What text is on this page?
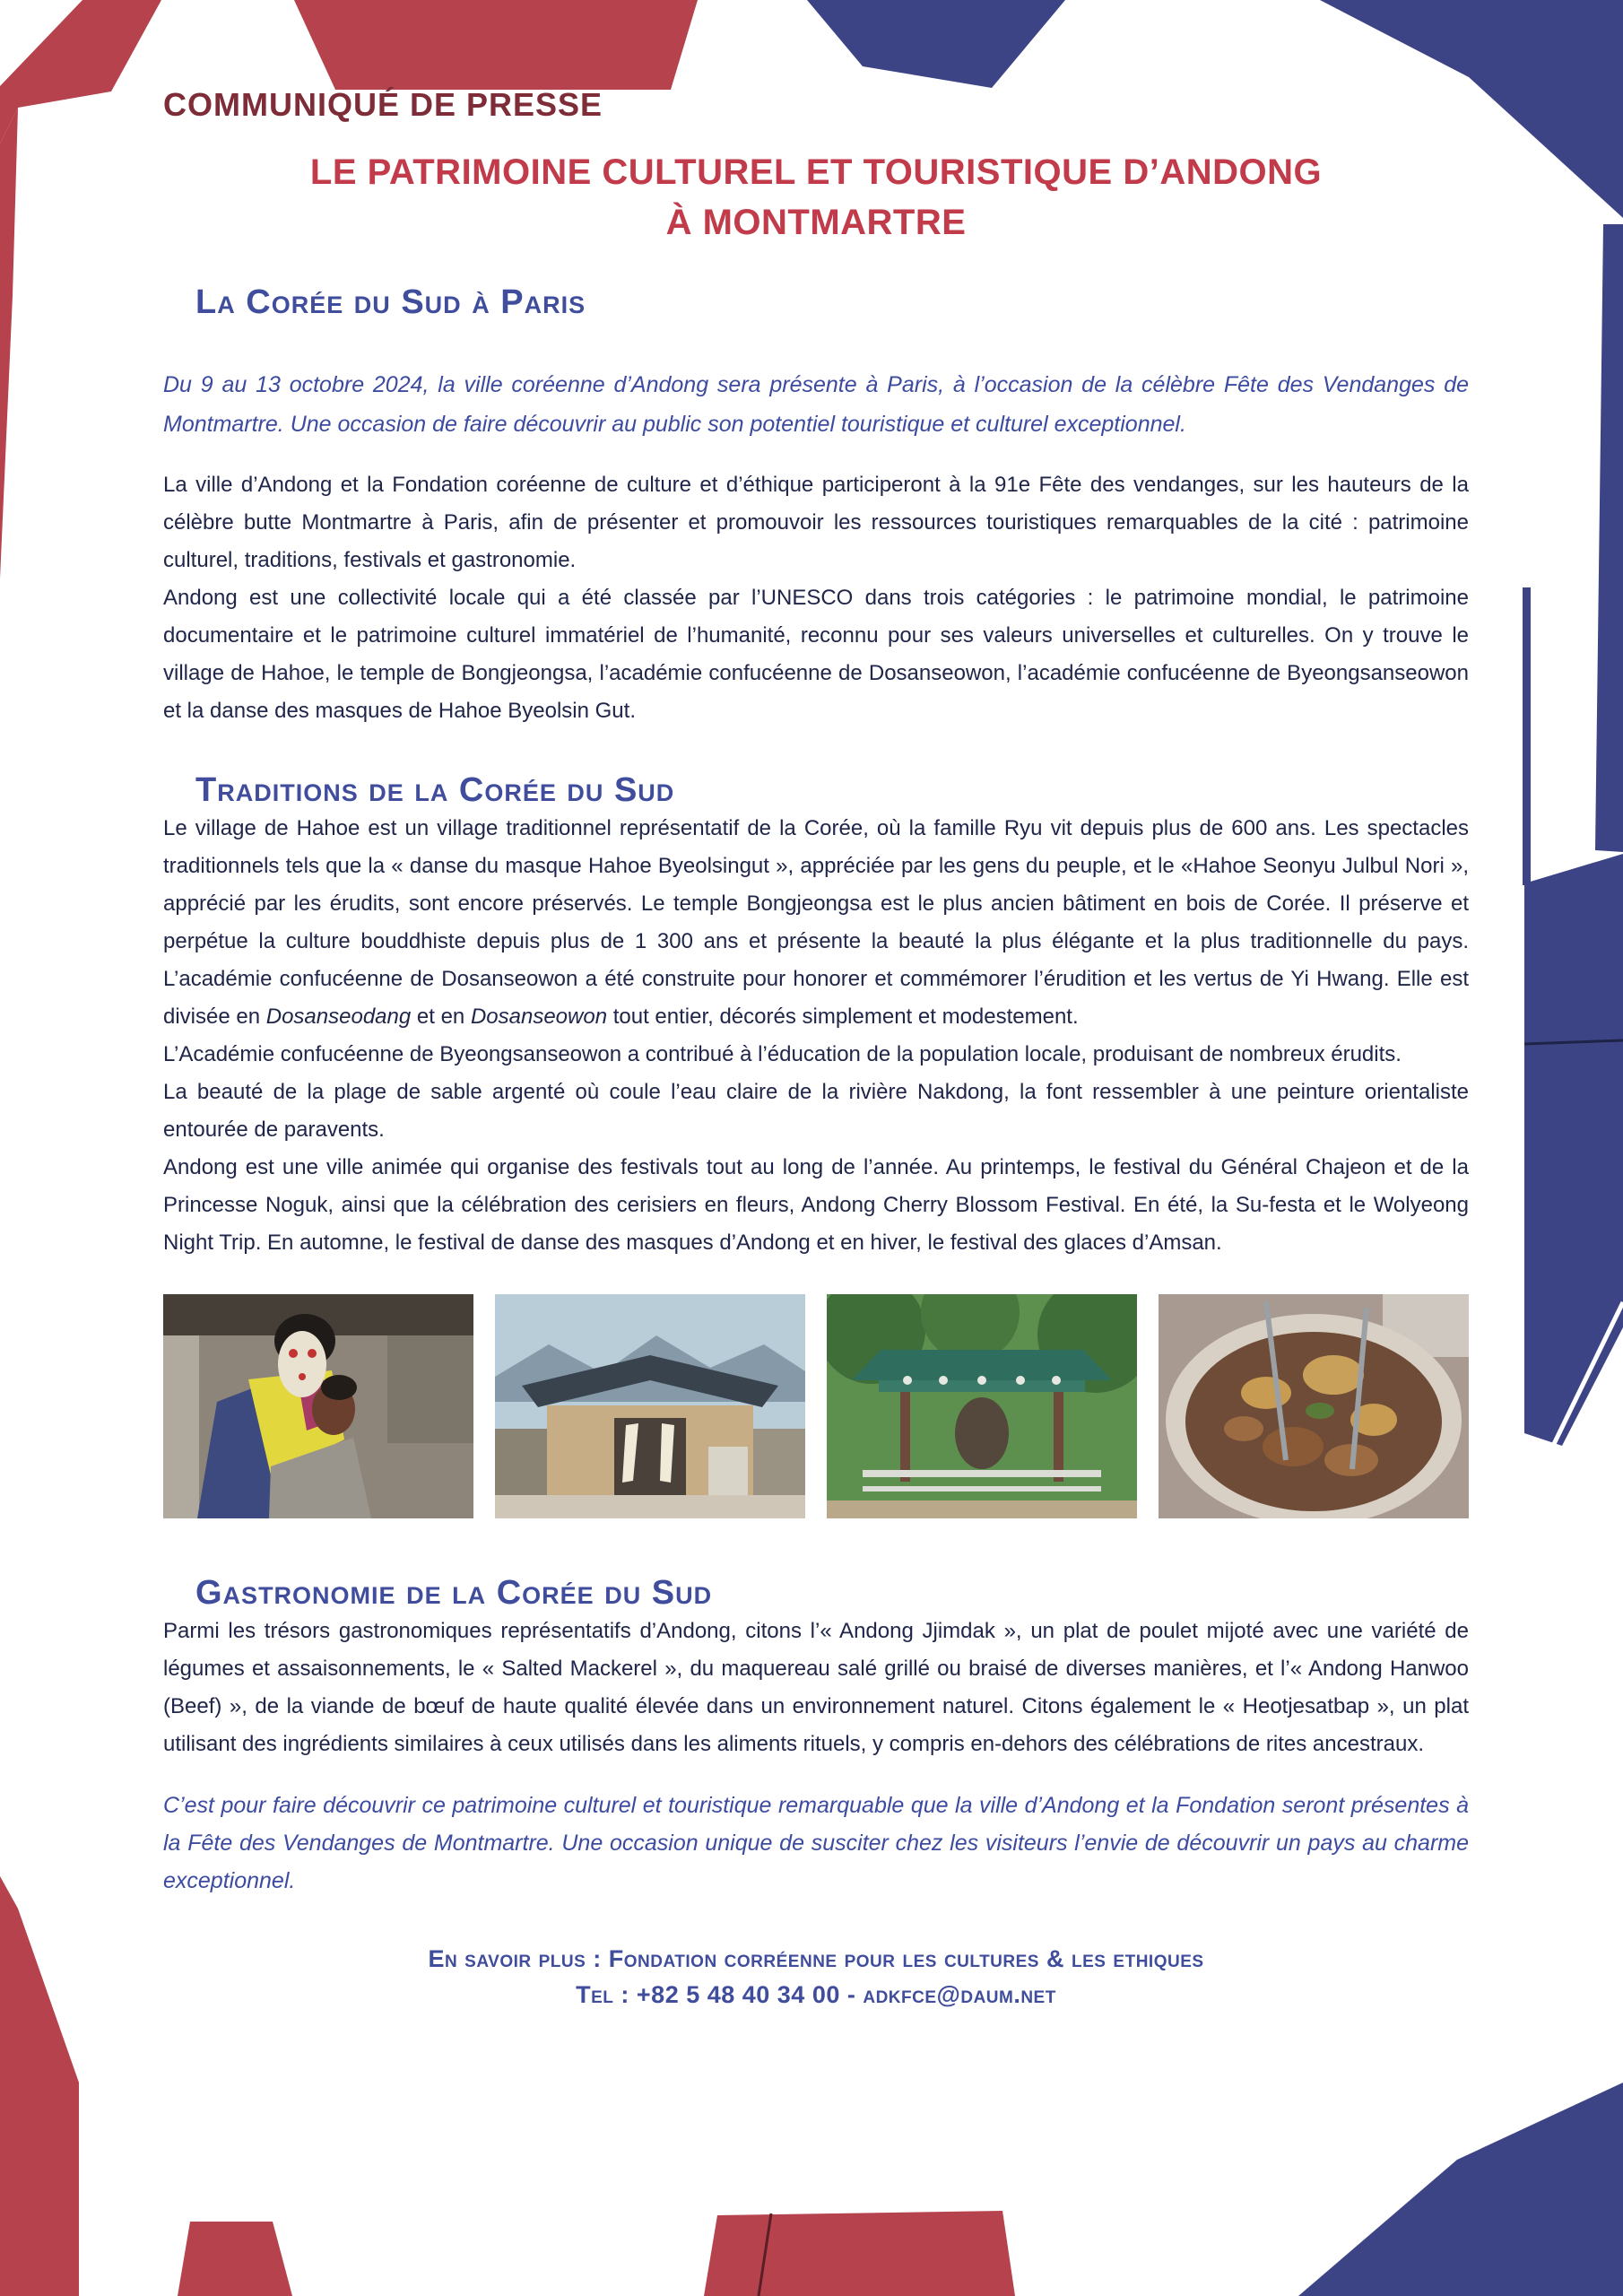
COMMUNIQUÉ DE PRESSE
LE PATRIMOINE CULTUREL ET TOURISTIQUE D’ANDONG
À MONTMARTRE
La Corée du Sud à Paris

Du 9 au 13 octobre 2024, la ville coréenne d’Andong sera présente à Paris, à l’occasion de la célèbre Fête des Vendanges de Montmartre. Une occasion de faire découvrir au public son potentiel touristique et culturel exceptionnel.

La ville d’Andong et la Fondation coréenne de culture et d’éthique participeront à la 91e Fête des vendanges, sur les hauteurs de la célèbre butte Montmartre à Paris, afin de présenter et promouvoir les ressources touristiques remarquables de la cité : patrimoine culturel, traditions, festivals et gastronomie.

Andong est une collectivité locale qui a été classée par l’UNESCO dans trois catégories : le patrimoine mondial, le patrimoine documentaire et le patrimoine culturel immatériel de l’humanité, reconnu pour ses valeurs universelles et culturelles. On y trouve le village de Hahoe, le temple de Bongjeongsa, l’académie confucéenne de Dosanseowon, l’académie confucéenne de Byeongsanseowon et la danse des masques de Hahoe Byeolsin Gut.

Traditions de la Corée du Sud

Le village de Hahoe est un village traditionnel représentatif de la Corée, où la famille Ryu vit depuis plus de 600 ans. Les spectacles traditionnels tels que la « danse du masque Hahoe Byeolsingut », appréciée par les gens du peuple, et le «Hahoe Seonyu Julbul Nori », apprécié par les érudits, sont encore préservés. Le temple Bongjeongsa est le plus ancien bâtiment en bois de Corée. Il préserve et perpétue la culture bouddhiste depuis plus de 1 300 ans et présente la beauté la plus élégante et la plus traditionnelle du pays. L’académie confucéenne de Dosanseowon a été construite pour honorer et commémorer l’érudition et les vertus de Yi Hwang. Elle est divisée en Dosanseodang et en Dosanseowon tout entier, décorés simplement et modestement.

L’Académie confucéenne de Byeongsanseowon a contribué à l’éducation de la population locale, produisant de nombreux érudits.

La beauté de la plage de sable argenté où coule l’eau claire de la rivière Nakdong, la font ressembler à une peinture orientaliste entourée de paravents.

Andong est une ville animée qui organise des festivals tout au long de l’année. Au printemps, le festival du Général Chajeon et de la Princesse Noguk, ainsi que la célébration des cerisiers en fleurs, Andong Cherry Blossom Festival. En été, la Su-festa et le Wolyeong Night Trip. En automne, le festival de danse des masques d’Andong et en hiver, le festival des glaces d’Amsan.

Gastronomie de la Corée du Sud

Parmi les trésors gastronomiques représentatifs d’Andong, citons l’« Andong Jjimdak », un plat de poulet mijoté avec une variété de légumes et assaisonnements, le « Salted Mackerel », du maquereau salé grillé ou braisé de diverses manières, et l’« Andong Hanwoo (Beef) », de la viande de bœuf de haute qualité élevée dans un environnement naturel. Citons également le « Heotjesatbap », un plat utilisant des ingrédients similaires à ceux utilisés dans les aliments rituels, y compris en-dehors des célébrations de rites ancestraux.

C’est pour faire découvrir ce patrimoine culturel et touristique remarquable que la ville d’Andong et la Fondation seront présentes à la Fête des Vendanges de Montmartre. Une occasion unique de susciter chez les visiteurs l’envie de découvrir un pays au charme exceptionnel.

En savoir plus : Fondation corréenne pour les cultures & les ethiques
Tel : +82 5 48 40 34 00 - adkfce@daum.net
